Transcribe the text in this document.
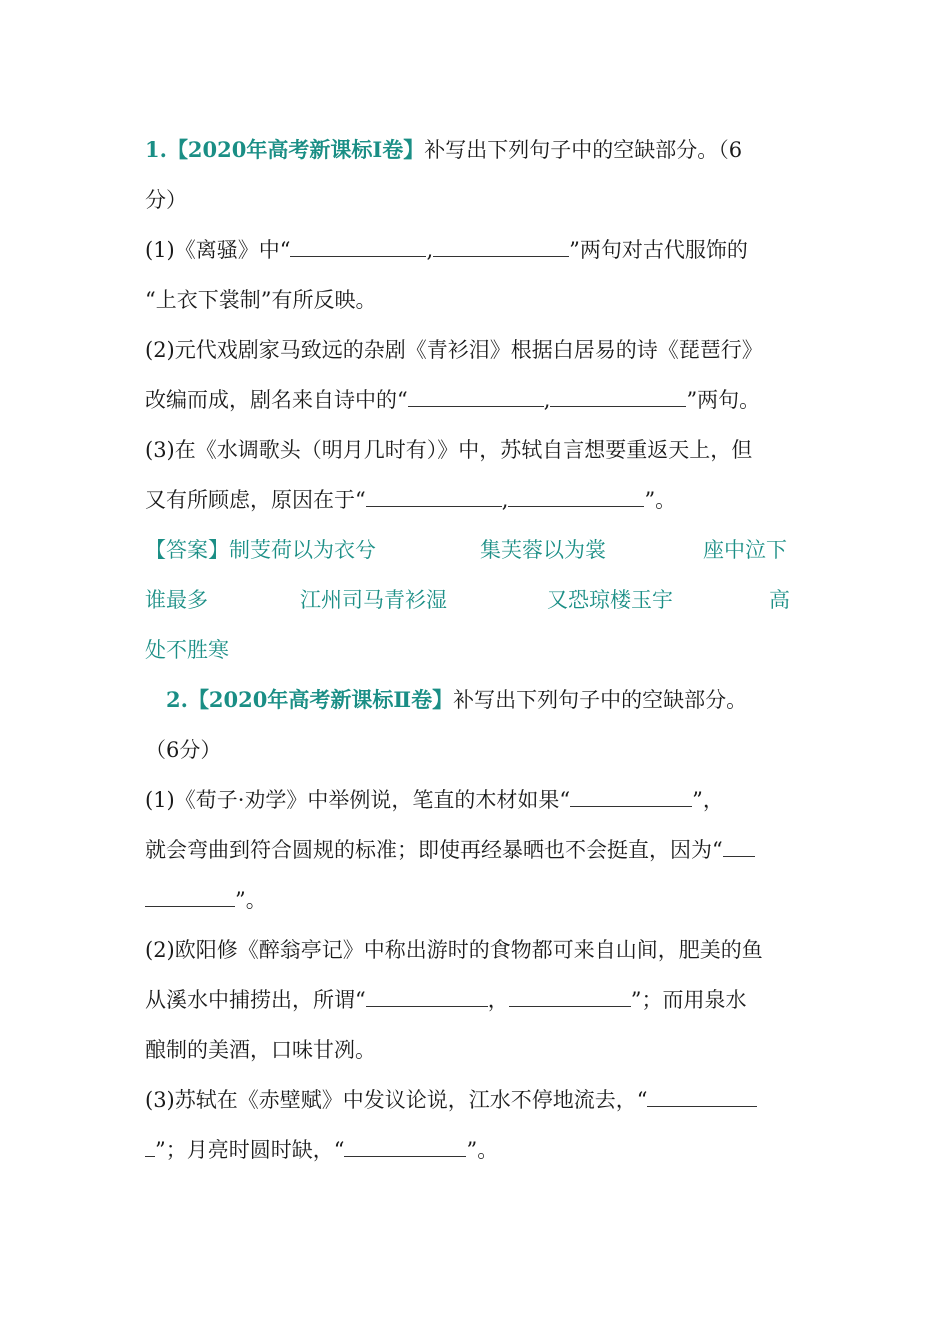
1.【2020年高考新课标Ⅰ卷】补写出下列句子中的空缺部分。（6
分）
(1)《离骚》中“	,	”两句对古代服饰的
“上衣下裳制”有所反映。
(2)元代戏剧家马致远的杂剧《青衫泪》根据白居易的诗《琵琶行》
改编而成，剧名来自诗中的“	,	”两句。
(3)在《水调歌头（明月几时有）》中，苏轼自言想要重返天上，但
又有所顾虑，原因在于“	,	”。
【答案】制芰荷以为衣兮	集芙蓉以为裳	座中泣下
谁最多	江州司马青衫湿	又恐琼楼玉宇	高
处不胜寒
2.【2020年高考新课标Ⅱ卷】补写出下列句子中的空缺部分。
（6分）
(1)《荀子·劝学》中举例说，笔直的木材如果“	”，
就会弯曲到符合圆规的标准；即使再经暴晒也不会挺直，因为“
”。
(2)欧阳修《醉翁亭记》中称出游时的食物都可来自山间，肥美的鱼
从溪水中捕捞出，所谓“	，	”；而用泉水
酿制的美酒，口味甘冽。
(3)苏轼在《赤壁赋》中发议论说，江水不停地流去，“
”；月亮时圆时缺，“	”。
